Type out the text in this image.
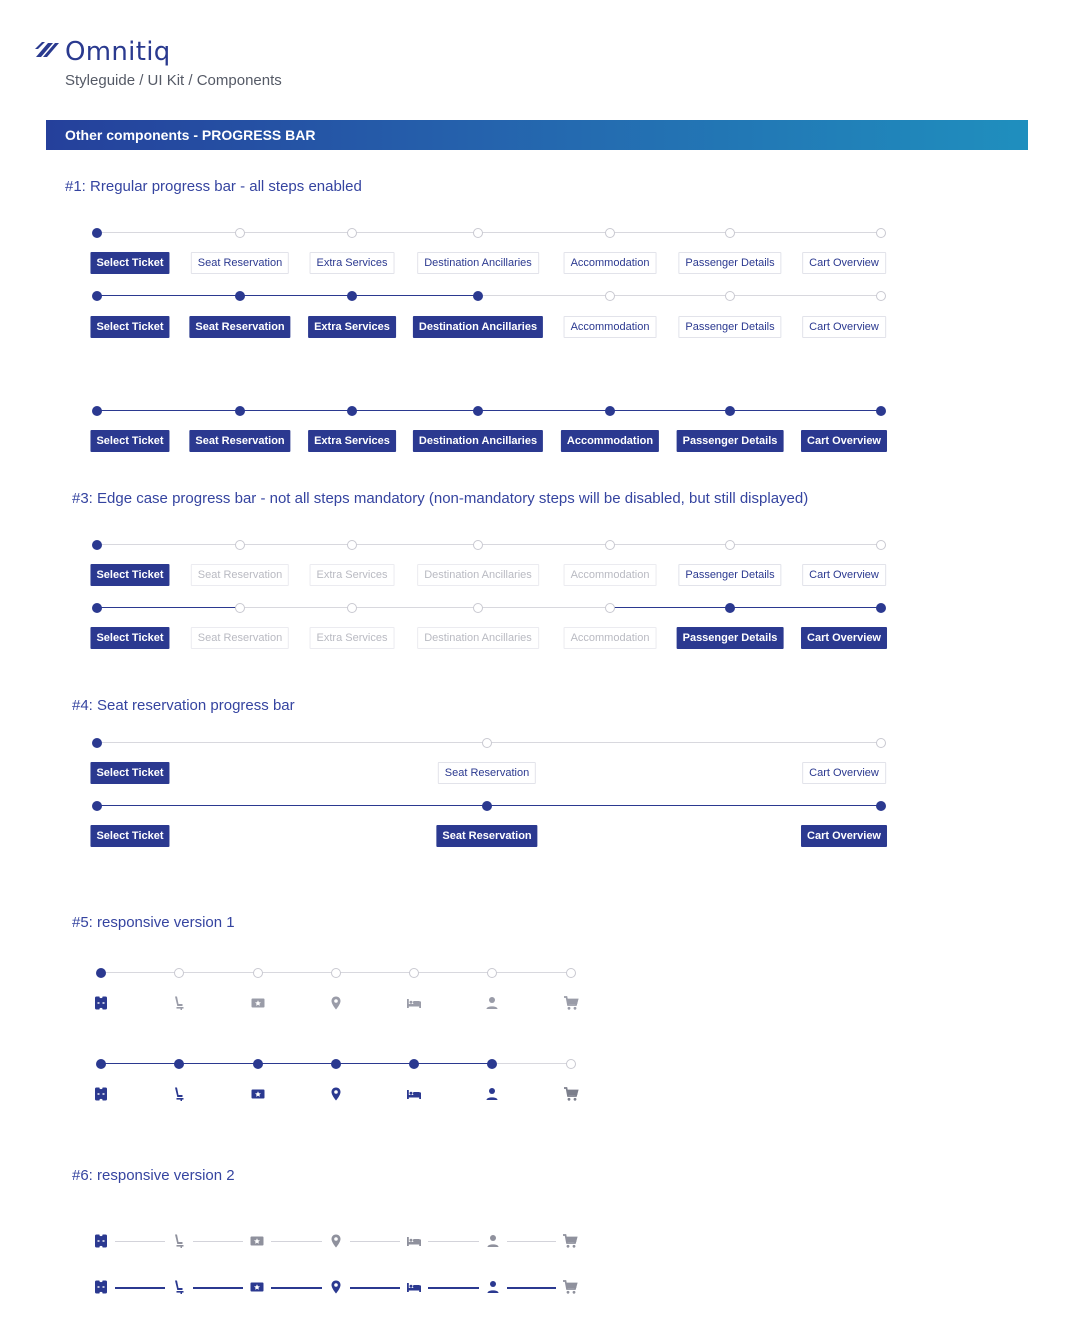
Omnitiq
Styleguide / UI Kit / Components
Other components - PROGRESS BAR
#1: Rregular progress bar - all steps enabled
#3: Edge case progress bar - not all steps mandatory (non-mandatory steps will be disabled, but still displayed)
#4: Seat reservation progress bar
#5: responsive version 1
#6: responsive version 2
Select Ticket	Seat Reservation	Extra Services	Destination Ancillaries	Accommodation	Passenger Details	Cart Overview
Select Ticket	Seat Reservation	Extra Services	Destination Ancillaries	Accommodation	Passenger Details	Cart Overview
Select Ticket	Seat Reservation	Extra Services	Destination Ancillaries	Accommodation	Passenger Details	Cart Overview
Select Ticket	Seat Reservation	Extra Services	Destination Ancillaries	Accommodation	Passenger Details	Cart Overview
Select Ticket	Seat Reservation	Extra Services	Destination Ancillaries	Accommodation	Passenger Details	Cart Overview
Select Ticket	Seat Reservation	Cart Overview
Select Ticket	Seat Reservation	Cart Overview
